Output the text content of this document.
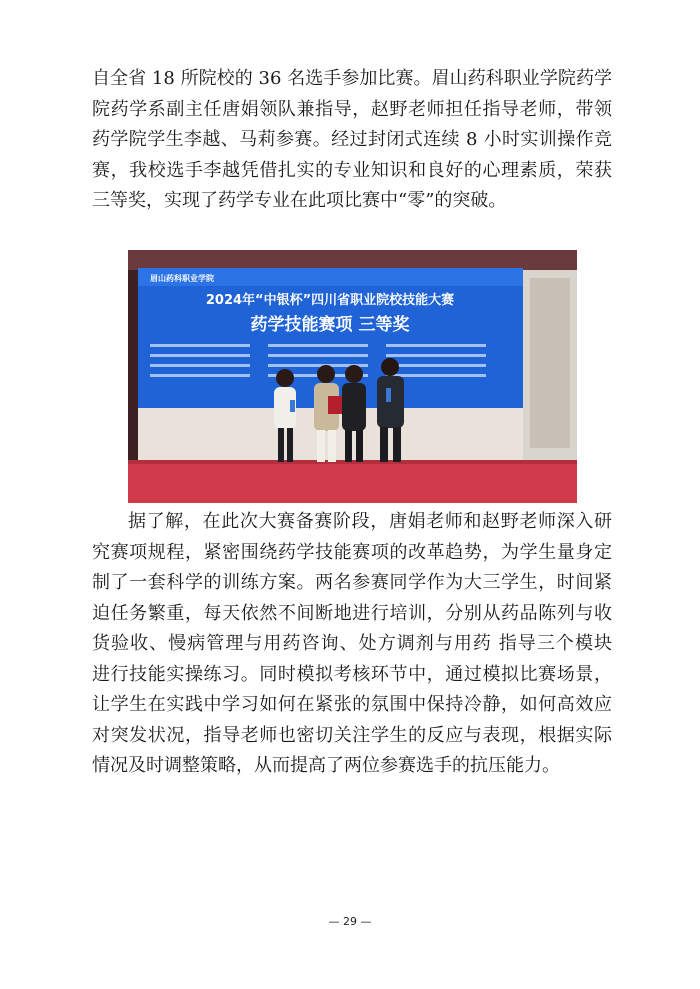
自全省 18 所院校的 36 名选手参加比赛。眉山药科职业学院药学
院药学系副主任唐娟领队兼指导，赵野老师担任指导老师，带领
药学院学生李越、马莉参赛。经过封闭式连续 8 小时实训操作竞
赛，我校选手李越凭借扎实的专业知识和良好的心理素质，荣获
三等奖，实现了药学专业在此项比赛中“零”的突破。

眉山药科职业学院
2024年“中银杯”四川省职业院校技能大赛
药学技能赛项 三等奖

据了解，在此次大赛备赛阶段，唐娟老师和赵野老师深入研
究赛项规程，紧密围绕药学技能赛项的改革趋势，为学生量身定
制了一套科学的训练方案。两名参赛同学作为大三学生，时间紧
迫任务繁重，每天依然不间断地进行培训，分别从药品陈列与收
货验收、慢病管理与用药咨询、处方调剂与用药 指导三个模块
进行技能实操练习。同时模拟考核环节中，通过模拟比赛场景，
让学生在实践中学习如何在紧张的氛围中保持冷静，如何高效应
对突发状况，指导老师也密切关注学生的反应与表现，根据实际
情况及时调整策略，从而提高了两位参赛选手的抗压能力。

— 29 —
